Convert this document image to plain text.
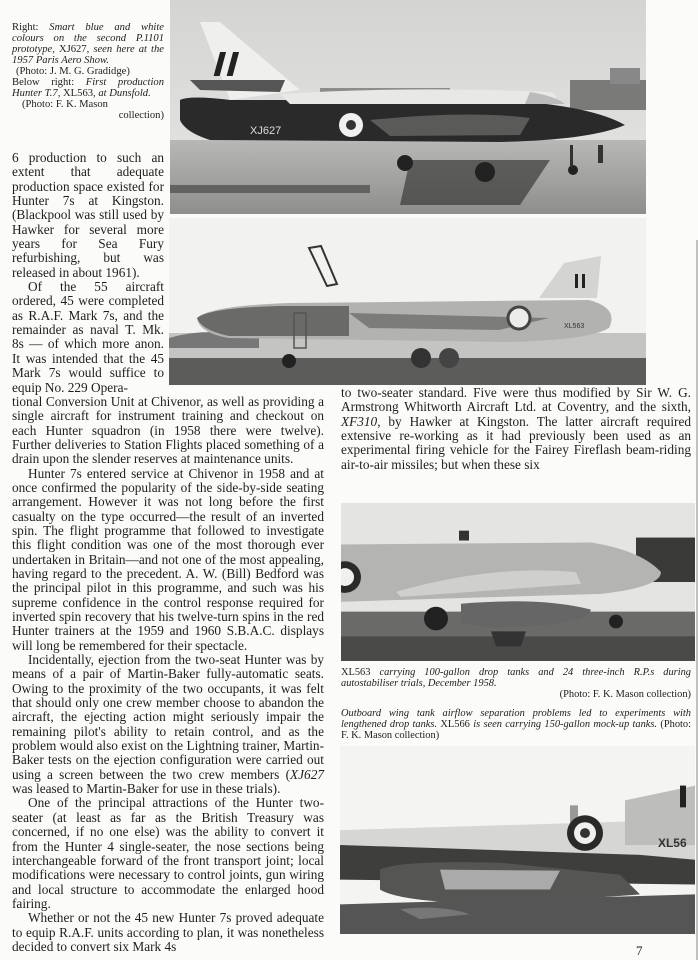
Right: Smart blue and white colours on the second P.1101 prototype, XJ627, seen here at the 1957 Paris Aero Show.
(Photo: J. M. G. Gradidge)
Below right: First production Hunter T.7, XL563, at Dunsfold.
(Photo: F. K. Mason
collection)
XJ627
XL563

6 production to such an extent that adequate production space existed for Hunter 7s at Kingston. (Blackpool was still used by Hawker for several more years for Sea Fury refurbishing, but was released in about 1961).

Of the 55 aircraft ordered, 45 were completed as R.A.F. Mark 7s, and the remainder as naval T. Mk. 8s — of which more anon. It was intended that the 45 Mark 7s would suffice to equip No. 229 Opera-

tional Conversion Unit at Chivenor, as well as providing a single aircraft for instrument training and checkout on each Hunter squadron (in 1958 there were twelve). Further deliveries to Station Flights placed something of a drain upon the slender reserves at maintenance units.

Hunter 7s entered service at Chivenor in 1958 and at once confirmed the popularity of the side-by-side seating arrangement. However it was not long before the first casualty on the type occurred—the result of an inverted spin. The flight programme that followed to investigate this flight condition was one of the most thorough ever undertaken in Britain—and not one of the most appealing, having regard to the precedent. A. W. (Bill) Bedford was the principal pilot in this programme, and such was his supreme confidence in the control response required for inverted spin recovery that his twelve-turn spins in the red Hunter trainers at the 1959 and 1960 S.B.A.C. displays will long be remembered for their spectacle.

Incidentally, ejection from the two-seat Hunter was by means of a pair of Martin-Baker fully-automatic seats. Owing to the proximity of the two occupants, it was felt that should only one crew member choose to abandon the aircraft, the ejecting action might seriously impair the remaining pilot's ability to retain control, and as the problem would also exist on the Lightning trainer, Martin-Baker tests on the ejection configuration were carried out using a screen between the two crew members (XJ627 was leased to Martin-Baker for use in these trials).

One of the principal attractions of the Hunter two-seater (at least as far as the British Treasury was concerned, if no one else) was the ability to convert it from the Hunter 4 single-seater, the nose sections being interchangeable forward of the front transport joint; local modifications were necessary to control joints, gun wiring and local structure to accommodate the enlarged hood fairing.

Whether or not the 45 new Hunter 7s proved adequate to equip R.A.F. units according to plan, it was nonetheless decided to convert six Mark 4s

to two-seater standard. Five were thus modified by Sir W. G. Armstrong Whitworth Aircraft Ltd. at Coventry, and the sixth, XF310, by Hawker at Kingston. The latter aircraft required extensive re-working as it had previously been used as an experimental firing vehicle for the Fairey Fireflash beam-riding air-to-air missiles; but when these six

XL563 carrying 100-gallon drop tanks and 24 three-inch R.P.s during autostabiliser trials, December 1958.
(Photo: F. K. Mason collection)
Outboard wing tank airflow separation problems led to experiments with lengthened drop tanks. XL566 is seen carrying 150-gallon mock-up tanks. (Photo: F. K. Mason collection)
XL56
7
